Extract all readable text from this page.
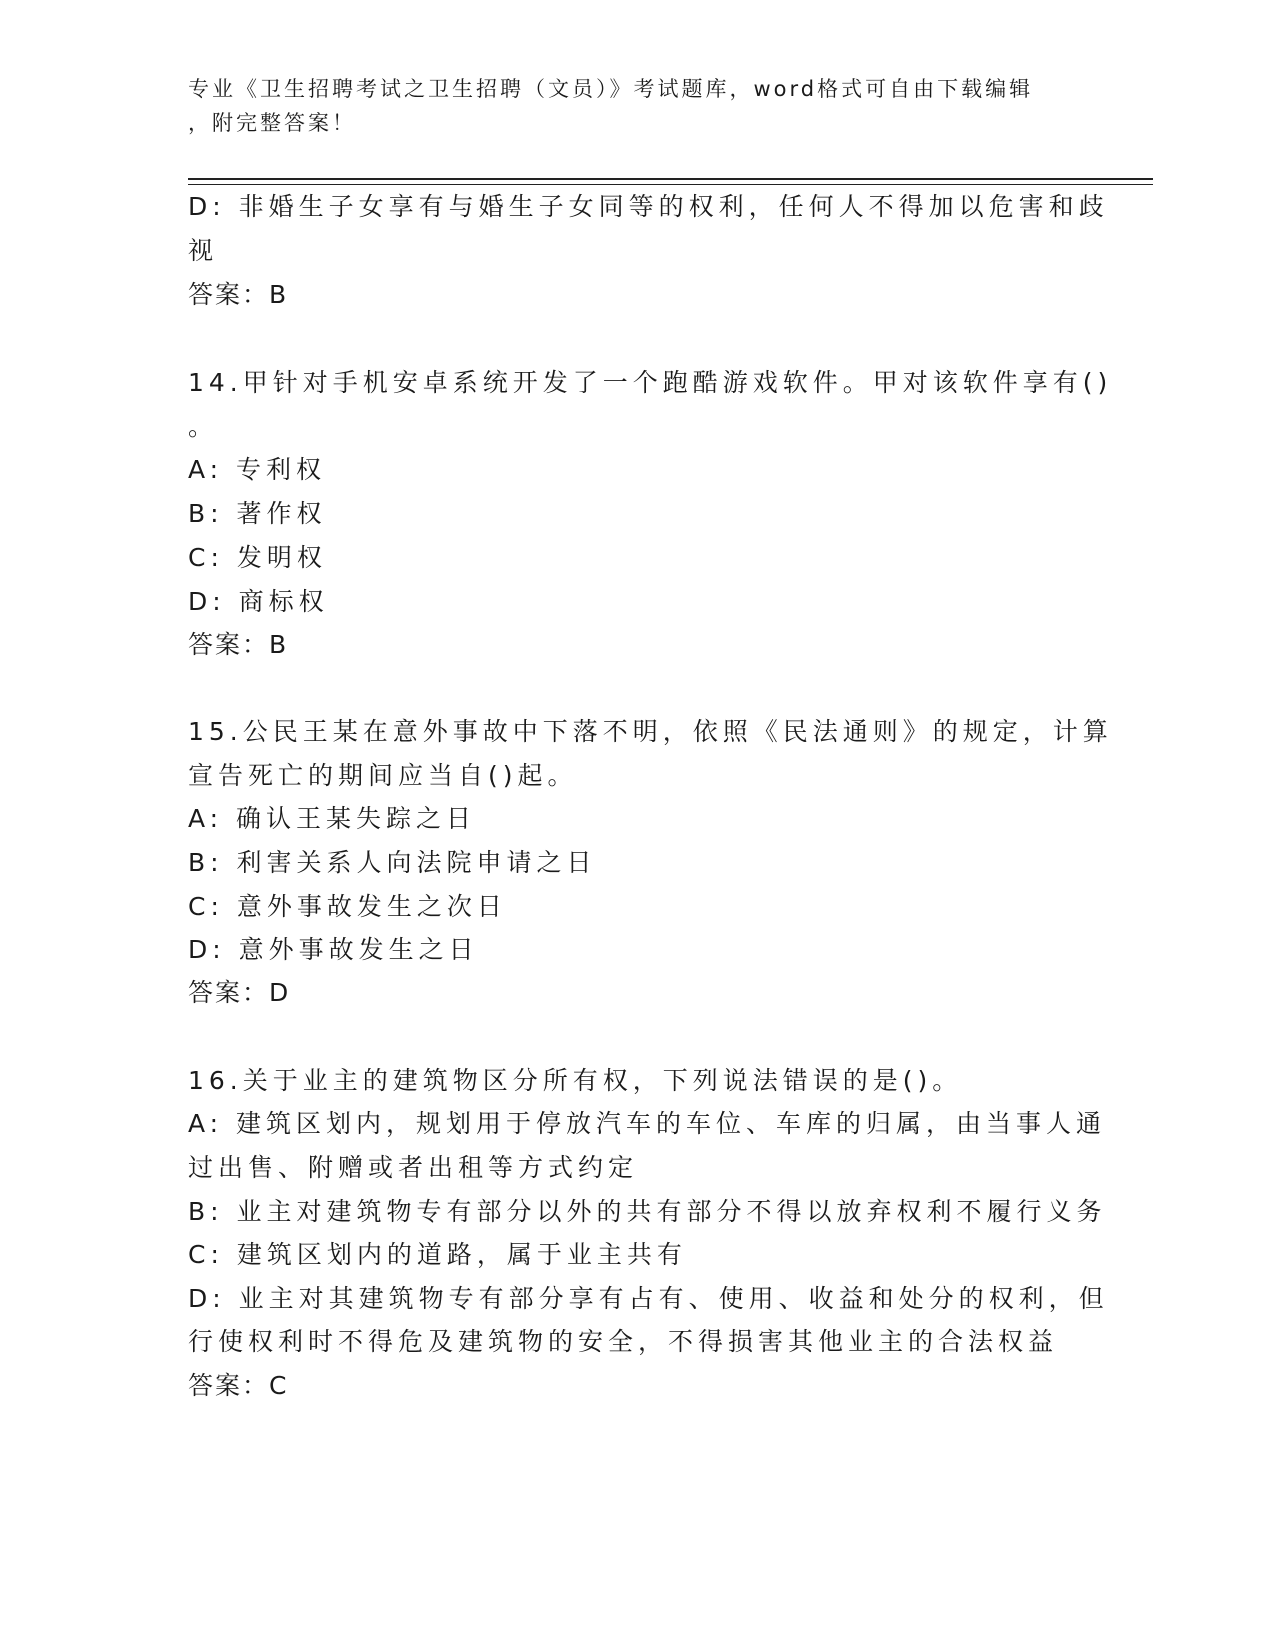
专业《卫生招聘考试之卫生招聘（文员）》考试题库，word格式可自由下载编辑
，附完整答案！
D: 非婚生子女享有与婚生子女同等的权利，任何人不得加以危害和歧
视
答案：B
14.甲针对手机安卓系统开发了一个跑酷游戏软件。甲对该软件享有()
。
A: 专利权
B: 著作权
C: 发明权
D: 商标权
答案：B
15.公民王某在意外事故中下落不明，依照《民法通则》的规定，计算
宣告死亡的期间应当自()起。
A: 确认王某失踪之日
B: 利害关系人向法院申请之日
C: 意外事故发生之次日
D: 意外事故发生之日
答案：D
16.关于业主的建筑物区分所有权，下列说法错误的是()。
A: 建筑区划内，规划用于停放汽车的车位、车库的归属，由当事人通
过出售、附赠或者出租等方式约定
B: 业主对建筑物专有部分以外的共有部分不得以放弃权利不履行义务
C: 建筑区划内的道路，属于业主共有
D: 业主对其建筑物专有部分享有占有、使用、收益和处分的权利，但
行使权利时不得危及建筑物的安全，不得损害其他业主的合法权益
答案：C
